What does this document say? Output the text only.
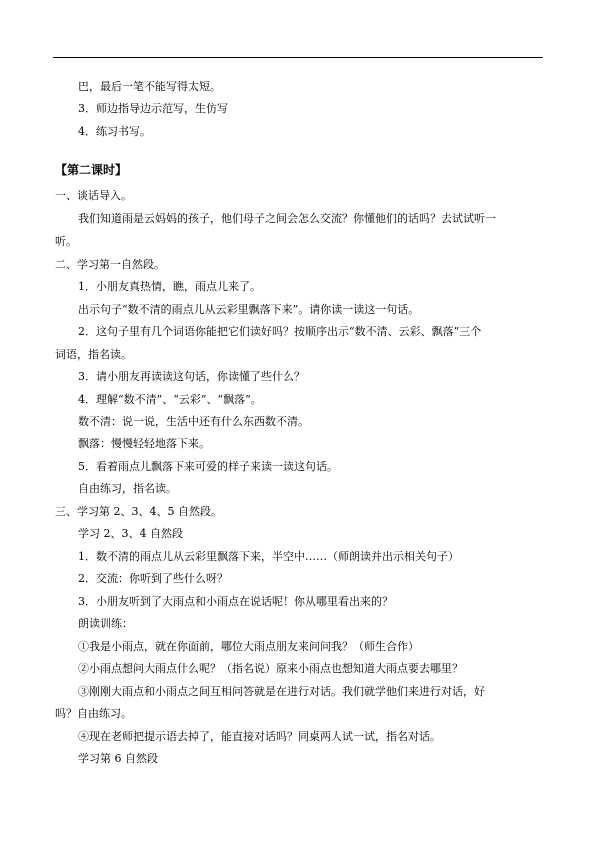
巴，最后一笔不能写得太短。
3．师边指导边示范写，生仿写
4．练习书写。
【第二课时】
一、谈话导入。
我们知道雨是云妈妈的孩子，他们母子之间会怎么交流？你懂他们的话吗？去试试听一
听。
二、学习第一自然段。
1．小朋友真热情，瞧，雨点儿来了。
出示句子“数不清的雨点儿从云彩里飘落下来”。请你读一读这一句话。
2．这句子里有几个词语你能把它们读好吗？按顺序出示“数不清、云彩、飘落”三个
词语，指名读。
3．请小朋友再读读这句话，你读懂了些什么？
4．理解“数不清”、“云彩”、“飘落”。
数不清：说一说，生活中还有什么东西数不清。
飘落：慢慢轻轻地落下来。
5．看着雨点儿飘落下来可爱的样子来读一读这句话。
自由练习，指名读。
三、学习第 2、3、4、5 自然段。
学习 2、3、4 自然段
1．数不清的雨点儿从云彩里飘落下来，半空中……（师朗读并出示相关句子）
2．交流：你听到了些什么呀？
3．小朋友听到了大雨点和小雨点在说话呢！你从哪里看出来的？
朗读训练：
①我是小雨点，就在你面前，哪位大雨点朋友来问问我？（师生合作）
②小雨点想问大雨点什么呢？（指名说）原来小雨点也想知道大雨点要去哪里？
③刚刚大雨点和小雨点之间互相问答就是在进行对话。我们就学他们来进行对话，好
吗？自由练习。
④现在老师把提示语去掉了，能直接对话吗？同桌两人试一试，指名对话。
学习第 6 自然段
